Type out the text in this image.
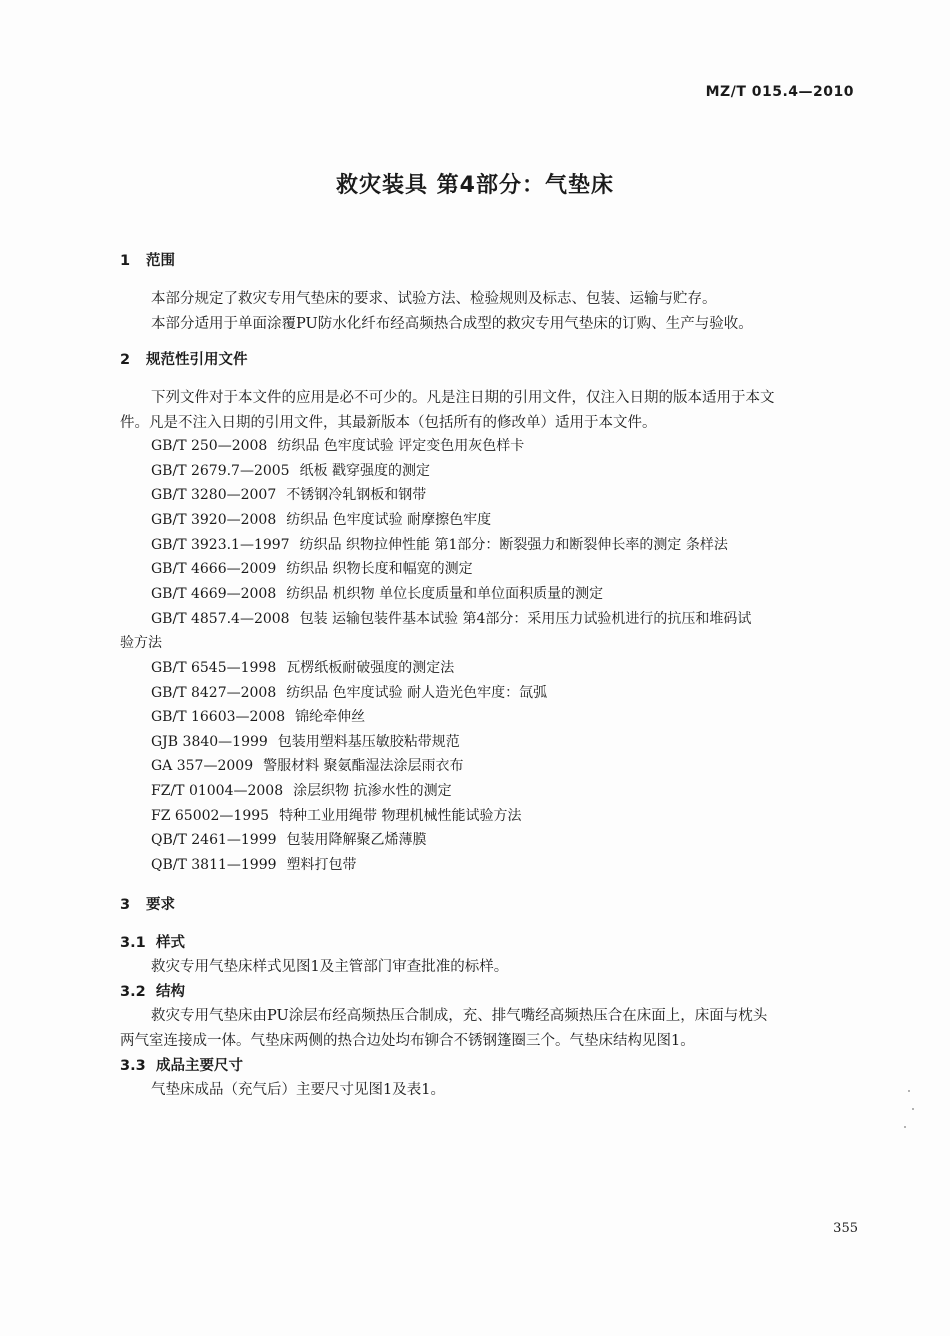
MZ/T 015.4—2010
救灾装具 第4部分：气垫床
1 范围
本部分规定了救灾专用气垫床的要求、试验方法、检验规则及标志、包装、运输与贮存。
本部分适用于单面涂覆PU防水化纤布经高频热合成型的救灾专用气垫床的订购、生产与验收。
2 规范性引用文件
下列文件对于本文件的应用是必不可少的。凡是注日期的引用文件，仅注入日期的版本适用于本文
件。凡是不注入日期的引用文件，其最新版本（包括所有的修改单）适用于本文件。
GB/T 250—2008 纺织品 色牢度试验 评定变色用灰色样卡
GB/T 2679.7—2005 纸板 戳穿强度的测定
GB/T 3280—2007 不锈钢冷轧钢板和钢带
GB/T 3920—2008 纺织品 色牢度试验 耐摩擦色牢度
GB/T 3923.1—1997 纺织品 织物拉伸性能 第1部分：断裂强力和断裂伸长率的测定 条样法
GB/T 4666—2009 纺织品 织物长度和幅宽的测定
GB/T 4669—2008 纺织品 机织物 单位长度质量和单位面积质量的测定
GB/T 4857.4—2008 包装 运输包装件基本试验 第4部分：采用压力试验机进行的抗压和堆码试
验方法
GB/T 6545—1998 瓦楞纸板耐破强度的测定法
GB/T 8427—2008 纺织品 色牢度试验 耐人造光色牢度：氙弧
GB/T 16603—2008 锦纶牵伸丝
GJB 3840—1999 包装用塑料基压敏胶粘带规范
GA 357—2009 警服材料 聚氨酯湿法涂层雨衣布
FZ/T 01004—2008 涂层织物 抗渗水性的测定
FZ 65002—1995 特种工业用绳带 物理机械性能试验方法
QB/T 2461—1999 包装用降解聚乙烯薄膜
QB/T 3811—1999 塑料打包带
3 要求
3.1 样式
救灾专用气垫床样式见图1及主管部门审查批准的标样。
3.2 结构
救灾专用气垫床由PU涂层布经高频热压合制成，充、排气嘴经高频热压合在床面上，床面与枕头
两气室连接成一体。气垫床两侧的热合边处均布铆合不锈钢篷圈三个。气垫床结构见图1。
3.3 成品主要尺寸
气垫床成品（充气后）主要尺寸见图1及表1。
355
